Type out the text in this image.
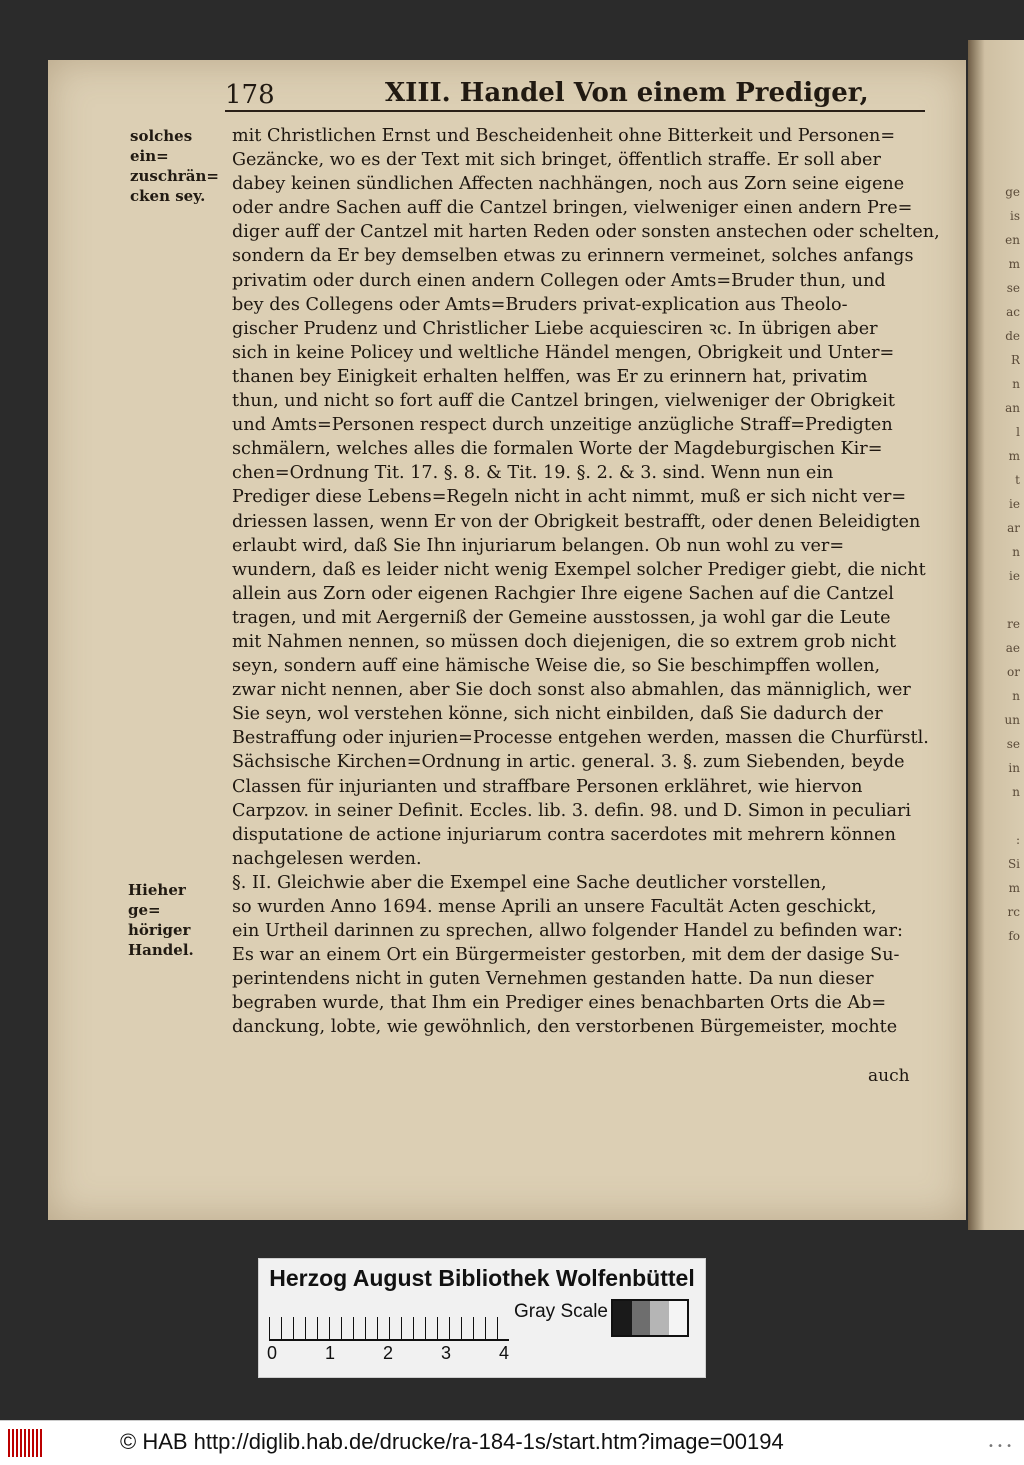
ge
is
en
m
se
ac
de
R
n
an
l
m
t
ie
ar
n
ie

re
ae
or
n
un
se
in
n

:
Si
m
rc
fo
178	XIII. Handel Von einem Prediger,
solches ein=
zuschrän=
cken sey.
Hieher ge=
höriger
Handel.
mit Christlichen Ernst und Bescheidenheit ohne Bitterkeit und Personen=
Gezäncke, wo es der Text mit sich bringet, öffentlich straffe. Er soll aber
dabey keinen sündlichen Affecten nachhängen, noch aus Zorn seine eigene
oder andre Sachen auff die Cantzel bringen, vielweniger einen andern Pre=
diger auff der Cantzel mit harten Reden oder sonsten anstechen oder schelten,
sondern da Er bey demselben etwas zu erinnern vermeinet, solches anfangs
privatim oder durch einen andern Collegen oder Amts=Bruder thun, und
bey des Collegens oder Amts=Bruders privat-explication aus Theolo-
gischer Prudenz und Christlicher Liebe acquiesciren ꝛc. In übrigen aber
sich in keine Policey und weltliche Händel mengen, Obrigkeit und Unter=
thanen bey Einigkeit erhalten helffen, was Er zu erinnern hat, privatim
thun, und nicht so fort auff die Cantzel bringen, vielweniger der Obrigkeit
und Amts=Personen respect durch unzeitige anzügliche Straff=Predigten
schmälern, welches alles die formalen Worte der Magdeburgischen Kir=
chen=Ordnung Tit. 17. §. 8. & Tit. 19. §. 2. & 3. sind. Wenn nun ein
Prediger diese Lebens=Regeln nicht in acht nimmt, muß er sich nicht ver=
driessen lassen, wenn Er von der Obrigkeit bestrafft, oder denen Beleidigten
erlaubt wird, daß Sie Ihn injuriarum belangen. Ob nun wohl zu ver=
wundern, daß es leider nicht wenig Exempel solcher Prediger giebt, die nicht
allein aus Zorn oder eigenen Rachgier Ihre eigene Sachen auf die Cantzel
tragen, und mit Aergerniß der Gemeine ausstossen, ja wohl gar die Leute
mit Nahmen nennen, so müssen doch diejenigen, die so extrem grob nicht
seyn, sondern auff eine hämische Weise die, so Sie beschimpffen wollen,
zwar nicht nennen, aber Sie doch sonst also abmahlen, das männiglich, wer
Sie seyn, wol verstehen könne, sich nicht einbilden, daß Sie dadurch der
Bestraffung oder injurien=Processe entgehen werden, massen die Churfürstl.
Sächsische Kirchen=Ordnung in artic. general. 3. §. zum Siebenden, beyde
Classen für injurianten und straffbare Personen erklähret, wie hiervon
Carpzov. in seiner Definit. Eccles. lib. 3. defin. 98. und D. Simon in peculiari
disputatione de actione injuriarum contra sacerdotes mit mehrern können
nachgelesen werden.
§. II. Gleichwie aber die Exempel eine Sache deutlicher vorstellen,
so wurden Anno 1694. mense Aprili an unsere Facultät Acten geschickt,
ein Urtheil darinnen zu sprechen, allwo folgender Handel zu befinden war:
Es war an einem Ort ein Bürgermeister gestorben, mit dem der dasige Su-
perintendens nicht in guten Vernehmen gestanden hatte. Da nun dieser
begraben wurde, that Ihm ein Prediger eines benachbarten Orts die Ab=
danckung, lobte, wie gewöhnlich, den verstorbenen Bürgemeister, mochte
auch
Herzog August Bibliothek Wolfenbüttel
0	1	2	3	4
Gray Scale
© HAB http://diglib.hab.de/drucke/ra-184-1s/start.htm?image=00194	• • •
